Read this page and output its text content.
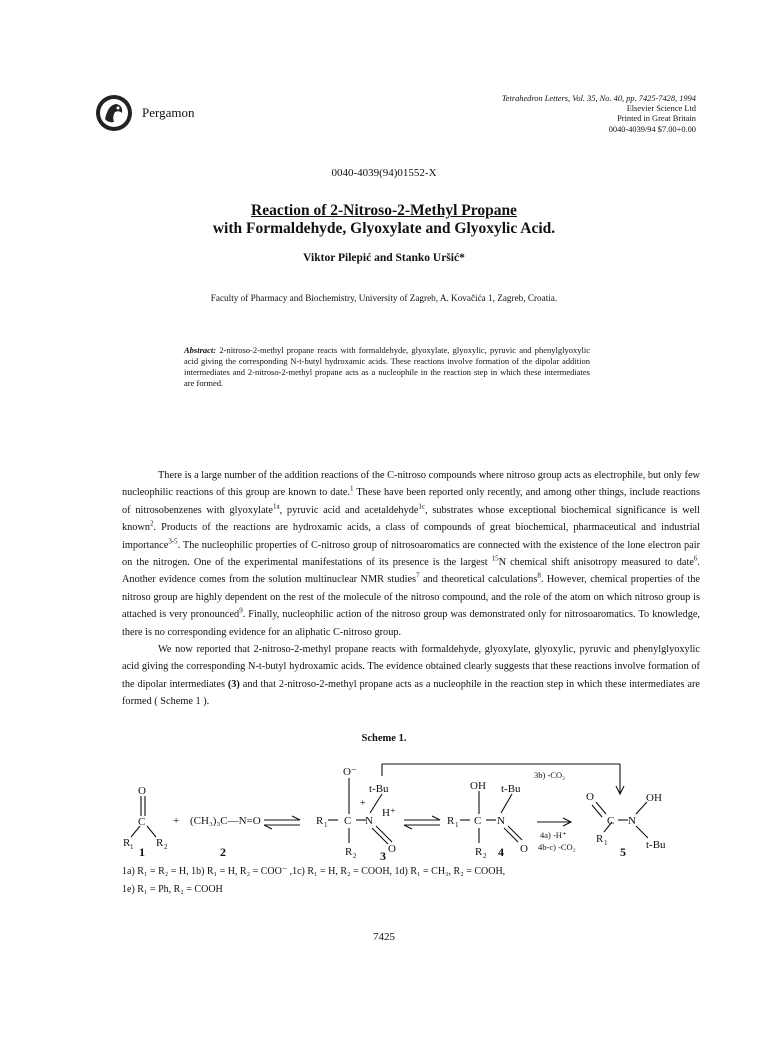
Pergamon
Tetrahedron Letters, Vol. 35, No. 40, pp. 7425-7428, 1994
Elsevier Science Ltd
Printed in Great Britain
0040-4039/94 $7.00+0.00
0040-4039(94)01552-X
Reaction of 2-Nitroso-2-Methyl Propane
with Formaldehyde, Glyoxylate and Glyoxylic Acid.
Viktor Pilepić and Stanko Uršić*
Faculty of Pharmacy and Biochemistry, University of Zagreb, A. Kovačića 1, Zagreb, Croatia.
Abstract: 2-nitroso-2-methyl propane reacts with formaldehyde, glyoxylate, glyoxylic, pyruvic and phenylglyoxylic acid giving the corresponding N-t-butyl hydroxamic acids. These reactions involve formation of the dipolar addition intermediates and 2-nitroso-2-methyl propane acts as a nucleophile in the reaction step in which these intermediates are formed.

There is a large number of the addition reactions of the C-nitroso compounds where nitroso group acts as electrophile, but only few nucleophilic reactions of this group are known to date.$^1$ These have been reported only recently, and among other things, include reactions of nitrosobenzenes with glyoxylate$^{1a}$, pyruvic acid and acetaldehyde$^{1c}$, substrates whose exceptional biochemical significance is well known$^2$. Products of the reactions are hydroxamic acids, a class of compounds of great biochemical, pharmaceutical and industrial importance$^{3-5}$. The nucleophilic properties of C-nitroso group of nitrosoaromatics are connected with the existence of the lone electron pair on the nitrogen. One of the experimental manifestations of its presence is the largest $^{15}$N chemical shift anisotropy measured to date$^6$. Another evidence comes from the solution multinuclear NMR studies$^7$ and theoretical calculations$^8$. However, chemical properties of the nitroso group are highly dependent on the rest of the molecule of the nitroso compound, and the role of the atom on which nitroso group is attached is very pronounced$^9$. Finally, nucleophilic action of the nitroso group was demonstrated only for nitrosoaromatics. To knowledge, there is no corresponding evidence for an aliphatic C-nitroso group.

We now reported that 2-nitroso-2-methyl propane reacts with formaldehyde, glyoxylate, glyoxylic, pyruvic and phenylglyoxylic acid giving the corresponding N-t-butyl hydroxamic acids. The evidence obtained clearly suggests that these reactions involve formation of the dipolar intermediates (3) and that 2-nitroso-2-methyl propane acts as a nucleophile in the reaction step in which these intermediates are formed ( Scheme 1 ).

Scheme 1.
O
C
R 1 R 2
+ (CH₃)₃C—N=O	R 1 C
O⁻
+
N
t-Bu
H⁺
R 2
O
R 1 C
OH
N
t-Bu
R 2
O
3b) -CO₂
4a) -H⁺
4b-c) -CO₂
O
C N
OH
R 1	t-Bu
1	2	3	4	5
1a) R₁ = R₂ = H, 1b) R₁ = H, R₂ = COO⁻ ,1c) R₁ = H, R₂ = COOH, 1d) R₁ = CH₃, R₂ = COOH,
1e) R₁ = Ph, R₂ = COOH
7425
